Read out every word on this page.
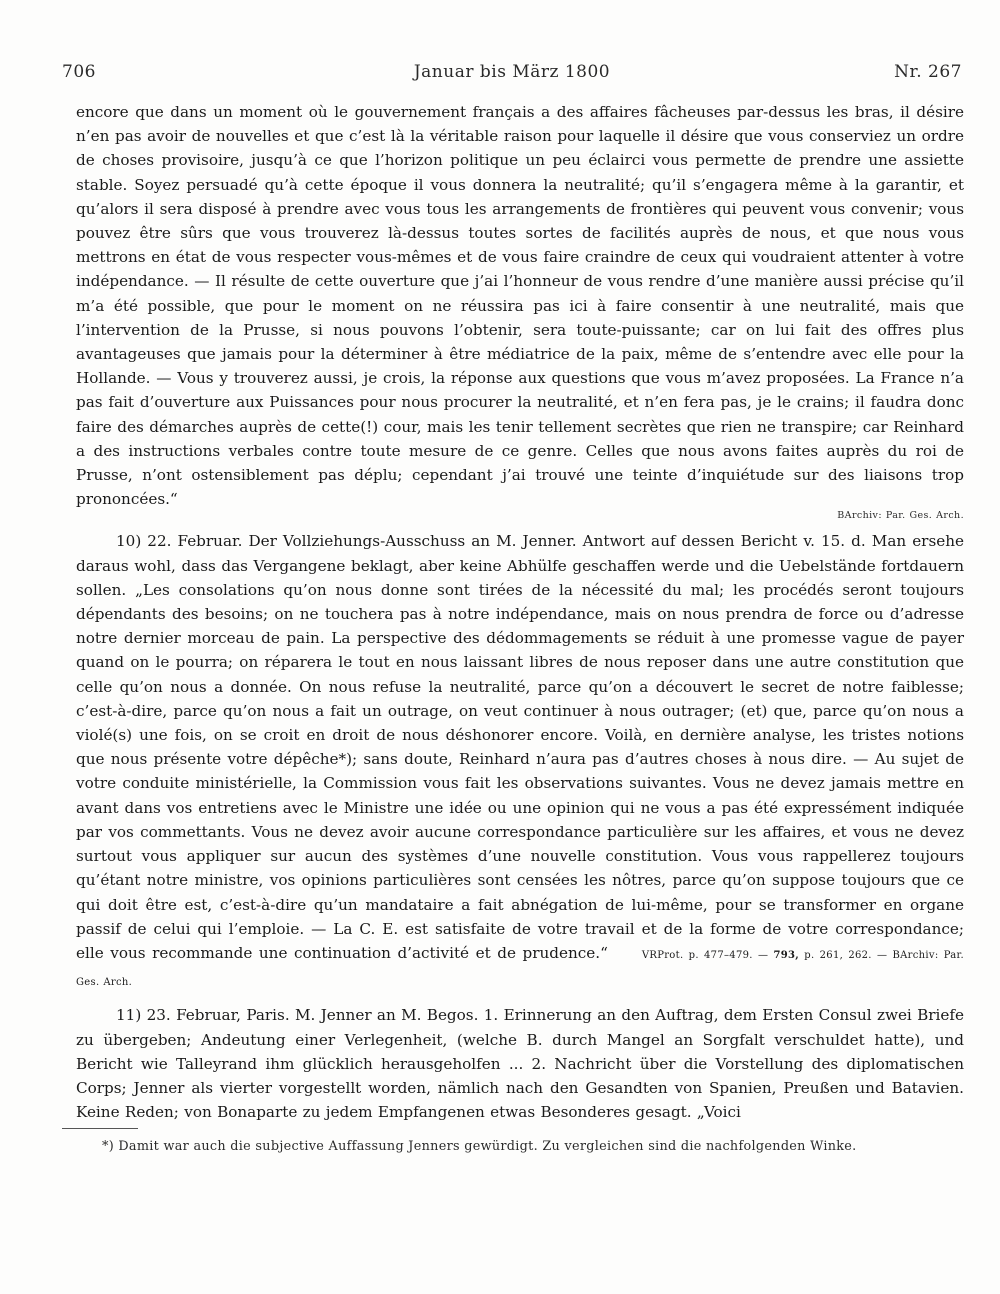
706	Januar bis März 1800	Nr. 267

encore que dans un moment où le gouvernement français a des affaires fâcheuses par-dessus les bras, il désire n’en pas avoir de nouvelles et que c’est là la véritable raison pour laquelle il désire que vous conserviez un ordre de choses provisoire, jusqu’à ce que l’horizon politique un peu éclairci vous permette de prendre une assiette stable. Soyez persuadé qu’à cette époque il vous donnera la neutralité; qu’il s’engagera même à la garantir, et qu’alors il sera disposé à prendre avec vous tous les arrangements de frontières qui peuvent vous convenir; vous pouvez être sûrs que vous trouverez là-dessus toutes sortes de facilités auprès de nous, et que nous vous mettrons en état de vous respecter vous-mêmes et de vous faire craindre de ceux qui voudraient attenter à votre indépendance. — Il résulte de cette ouverture que j’ai l’honneur de vous rendre d’une manière aussi précise qu’il m’a été possible, que pour le moment on ne réussira pas ici à faire consentir à une neutralité, mais que l’intervention de la Prusse, si nous pouvons l’obtenir, sera toute-puissante; car on lui fait des offres plus avantageuses que jamais pour la déterminer à être médiatrice de la paix, même de s’entendre avec elle pour la Hollande. — Vous y trouverez aussi, je crois, la réponse aux questions que vous m’avez proposées. La France n’a pas fait d’ouverture aux Puissances pour nous procurer la neutralité, et n’en fera pas, je le crains; il faudra donc faire des démarches auprès de cette(!) cour, mais les tenir tellement secrètes que rien ne transpire; car Reinhard a des instructions verbales contre toute mesure de ce genre. Celles que nous avons faites auprès du roi de Prusse, n’ont ostensiblement pas déplu; cependant j’ai trouvé une teinte d’inquiétude sur des liaisons trop prononcées.“

BArchiv: Par. Ges. Arch.

10) 22. Februar. Der Vollziehungs-Ausschuss an M. Jenner. Antwort auf dessen Bericht v. 15. d. Man ersehe daraus wohl, dass das Vergangene beklagt, aber keine Abhülfe geschaffen werde und die Uebelstände fortdauern sollen. „Les consolations qu’on nous donne sont tirées de la nécessité du mal; les procédés seront toujours dépendants des besoins; on ne touchera pas à notre indépendance, mais on nous prendra de force ou d’adresse notre dernier morceau de pain. La perspective des dédommagements se réduit à une promesse vague de payer quand on le pourra; on réparera le tout en nous laissant libres de nous reposer dans une autre constitution que celle qu’on nous a donnée. On nous refuse la neutralité, parce qu’on a découvert le secret de notre faiblesse; c’est-à-dire, parce qu’on nous a fait un outrage, on veut continuer à nous outrager; (et) que, parce qu’on nous a violé(s) une fois, on se croit en droit de nous déshonorer encore. Voilà, en dernière analyse, les tristes notions que nous présente votre dépêche*); sans doute, Reinhard n’aura pas d’autres choses à nous dire. — Au sujet de votre conduite ministérielle, la Commission vous fait les observations suivantes. Vous ne devez jamais mettre en avant dans vos entretiens avec le Ministre une idée ou une opinion qui ne vous a pas été expressément indiquée par vos commettants. Vous ne devez avoir aucune correspondance particulière sur les affaires, et vous ne devez surtout vous appliquer sur aucun des systèmes d’une nouvelle constitution. Vous vous rappellerez toujours qu’étant notre ministre, vos opinions particulières sont censées les nôtres, parce qu’on suppose toujours que ce qui doit être est, c’est-à-dire qu’un mandataire a fait abnégation de lui-même, pour se transformer en organe passif de celui qui l’emploie. — La C. E. est satisfaite de votre travail et de la forme de votre correspondance; elle vous recommande une continuation d’activité et de prudence.“	VRProt. p. 477–479. — 793, p. 261, 262. — BArchiv: Par. Ges. Arch.

11) 23. Februar, Paris. M. Jenner an M. Begos. 1. Erinnerung an den Auftrag, dem Ersten Consul zwei Briefe zu übergeben; Andeutung einer Verlegenheit, (welche B. durch Mangel an Sorgfalt verschuldet hatte), und Bericht wie Talleyrand ihm glücklich herausgeholfen ... 2. Nachricht über die Vorstellung des diplomatischen Corps; Jenner als vierter vorgestellt worden, nämlich nach den Gesandten von Spanien, Preußen und Batavien. Keine Reden; von Bonaparte zu jedem Empfangenen etwas Besonderes gesagt. „Voici

*) Damit war auch die subjective Auffassung Jenners gewürdigt. Zu vergleichen sind die nachfolgenden Winke.
